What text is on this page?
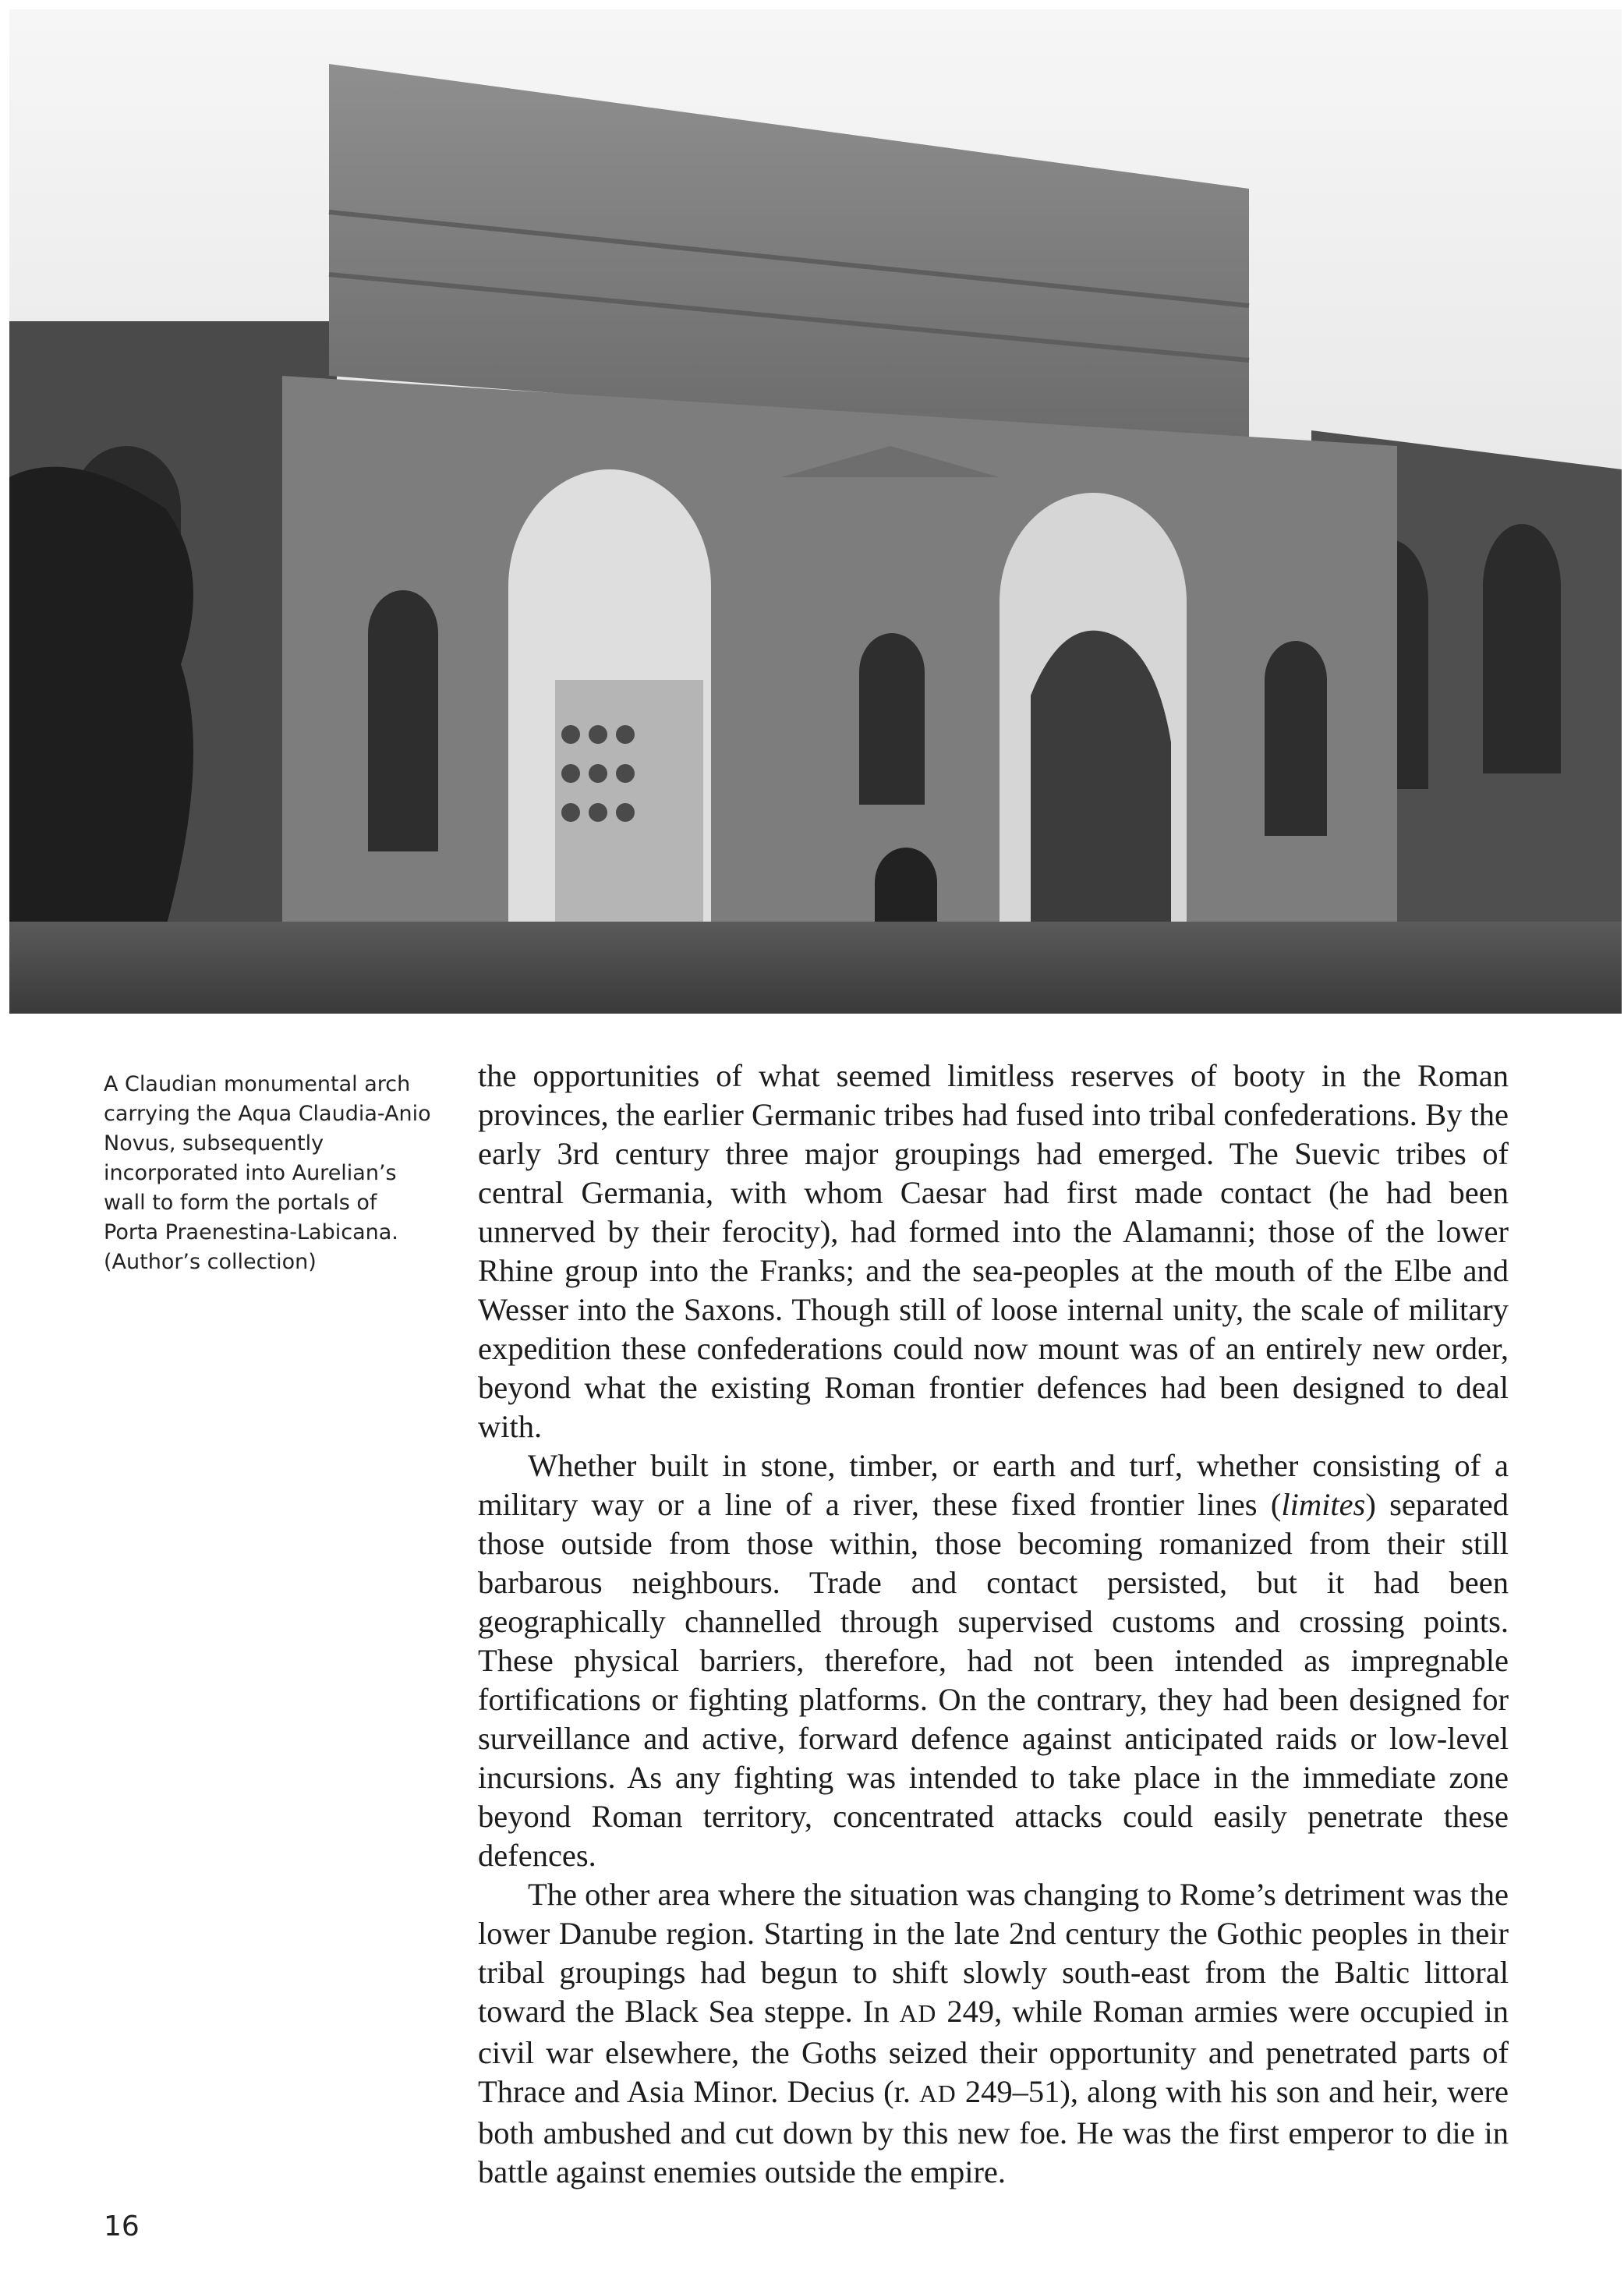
A Claudian monumental arch

carrying the Aqua Claudia-Anio

Novus, subsequently

incorporated into Aurelian’s

wall to form the portals of

Porta Praenestina-Labicana.

(Author’s collection)

the opportunities of what seemed limitless reserves of booty in the Roman provinces, the earlier Germanic tribes had fused into tribal confederations. By the early 3rd century three major groupings had emerged. The Suevic tribes of central Germania, with whom Caesar had first made contact (he had been unnerved by their ferocity), had formed into the Alamanni; those of the lower Rhine group into the Franks; and the sea-peoples at the mouth of the Elbe and Wesser into the Saxons. Though still of loose internal unity, the scale of military expedition these confederations could now mount was of an entirely new order, beyond what the existing Roman frontier defences had been designed to deal with.

Whether built in stone, timber, or earth and turf, whether consisting of a military way or a line of a river, these fixed frontier lines (limites) separated those outside from those within, those becoming romanized from their still barbarous neighbours. Trade and contact persisted, but it had been geographically channelled through supervised customs and crossing points. These physical barriers, therefore, had not been intended as impregnable fortifications or fighting platforms. On the contrary, they had been designed for surveillance and active, forward defence against anticipated raids or low-level incursions. As any fighting was intended to take place in the immediate zone beyond Roman territory, concentrated attacks could easily penetrate these defences.

The other area where the situation was changing to Rome’s detriment was the lower Danube region. Starting in the late 2nd century the Gothic peoples in their tribal groupings had begun to shift slowly south-east from the Baltic littoral toward the Black Sea steppe. In AD 249, while Roman armies were occupied in civil war elsewhere, the Goths seized their opportunity and penetrated parts of Thrace and Asia Minor. Decius (r. AD 249–51), along with his son and heir, were both ambushed and cut down by this new foe. He was the first emperor to die in battle against enemies outside the empire.

16
